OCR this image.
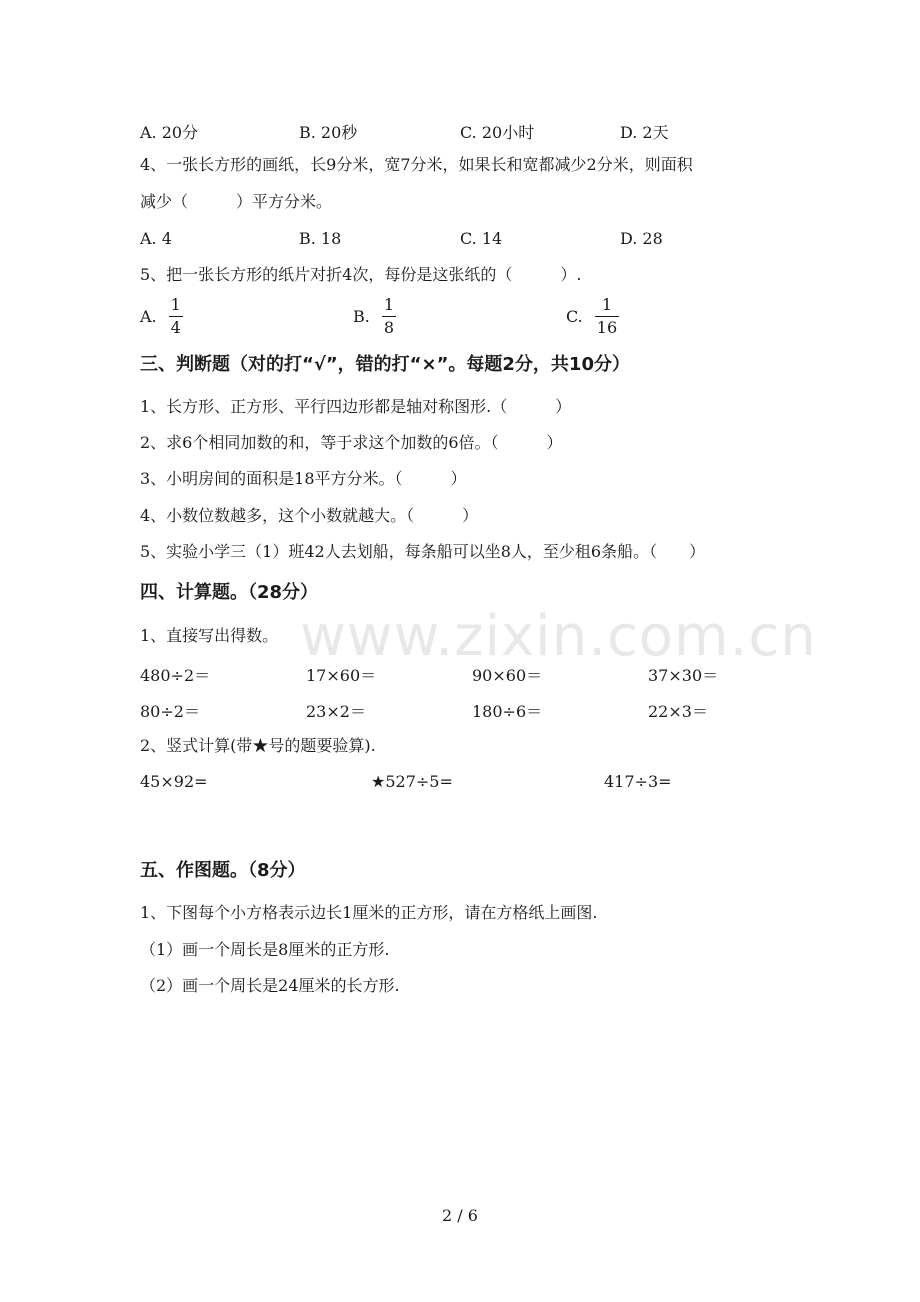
A. 20分	B. 20秒	C. 20小时	D. 2天
4、一张长方形的画纸，长9分米，宽7分米，如果长和宽都减少2分米，则面积
减少（　　　）平方分米。
A. 4	B. 18	C. 14	D. 28
5、把一张长方形的纸片对折4次，每份是这张纸的（　　　）.
A. $\frac{1}{4}$	B. $\frac{1}{8}$	C. $\frac{1}{16}$
三、判断题（对的打“√”，错的打“×”。每题2分，共10分）
1、长方形、正方形、平行四边形都是轴对称图形.（　　　）
2、求6个相同加数的和，等于求这个加数的6倍。（　　　）
3、小明房间的面积是18平方分米。（　　　）
4、小数位数越多，这个小数就越大。（　　　）
5、实验小学三（1）班42人去划船，每条船可以坐8人，至少租6条船。（　　）
四、计算题。（28分）
1、直接写出得数。
480÷2＝	17×60＝	90×60＝	37×30＝
80÷2＝	23×2＝	180÷6＝	22×3＝
2、竖式计算(带★号的题要验算).
45×92=	★527÷5=	417÷3=
五、作图题。（8分）
1、下图每个小方格表示边长1厘米的正方形，请在方格纸上画图.
（1）画一个周长是8厘米的正方形.
（2）画一个周长是24厘米的长方形.
www.zixin.com.cn
2 / 6
